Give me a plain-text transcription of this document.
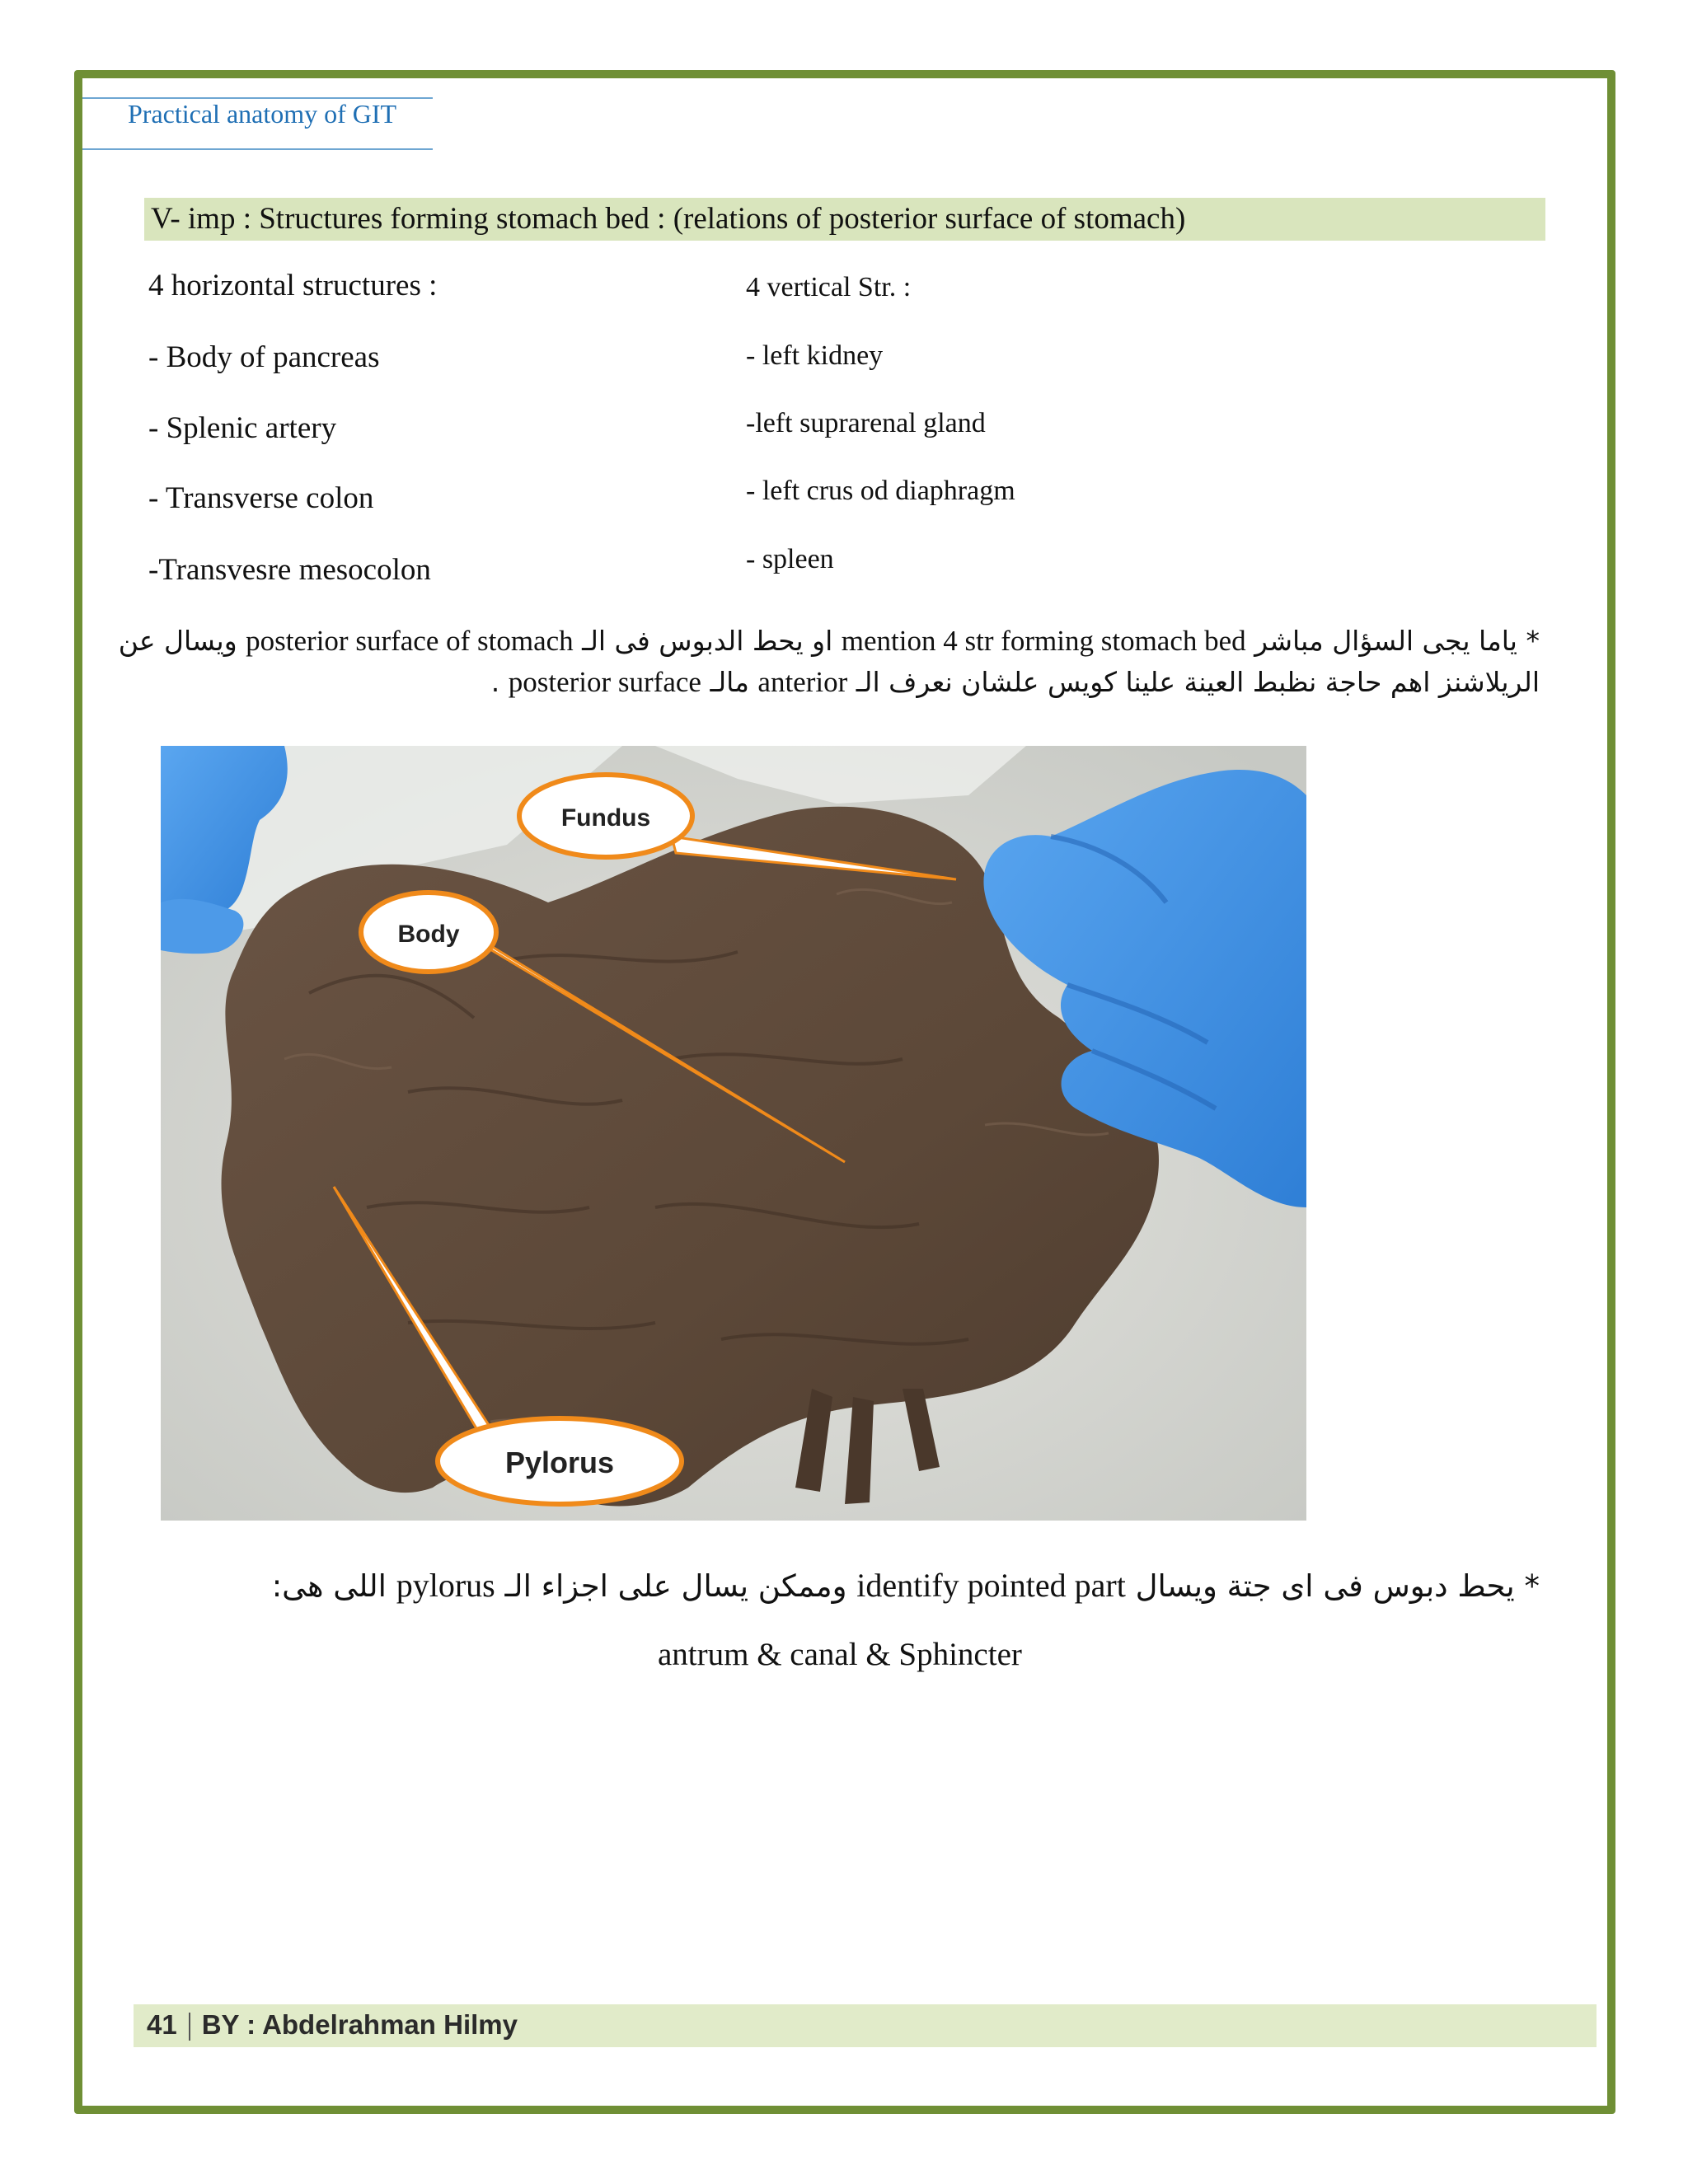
Practical anatomy of GIT
V- imp : Structures forming stomach bed : (relations of posterior surface of stomach)
4 horizontal structures :
- Body of pancreas
- Splenic artery
- Transverse colon
-Transvesre mesocolon
4 vertical Str. :
- left kidney
-left suprarenal gland
- left crus od diaphragm
- spleen
* ياما يجى السؤال مباشر mention 4 str forming stomach bed او يحط الدبوس فى الـ posterior surface of stomach ويسال عن
الريلاشنز اهم حاجة نظبط العينة علينا كويس علشان نعرف الـ anterior مالـ posterior surface .
Fundus
Body
Pylorus
* يحط دبوس فى اى جتة ويسال identify pointed part وممكن يسال على اجزاء الـ pylorus اللى هى:
antrum & canal & Sphincter
41 BY : Abdelrahman Hilmy
